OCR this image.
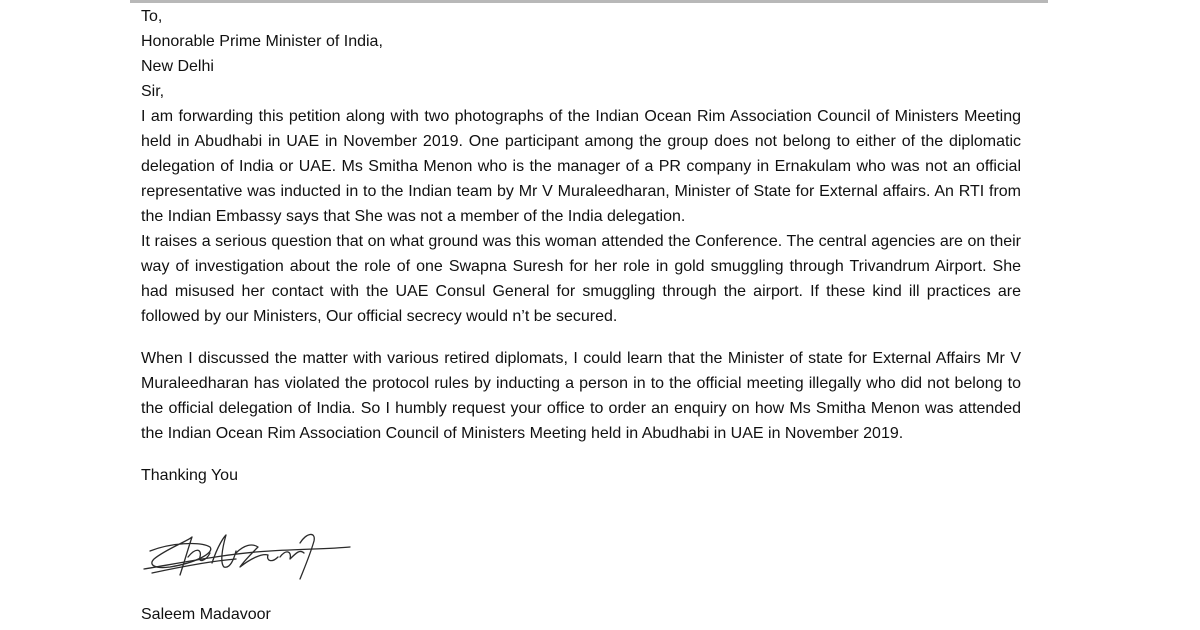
To,
Honorable Prime Minister of India,
New Delhi
Sir,

I am forwarding this petition along with two photographs of the Indian Ocean Rim Association Council of Ministers Meeting held in Abudhabi in UAE in November 2019. One participant among the group does not belong to either of the diplomatic delegation of India or UAE. Ms Smitha Menon who is the manager of a PR company in Ernakulam who was not an official representative was inducted in to the Indian team by Mr V Muraleedharan, Minister of State for External affairs. An RTI from the Indian Embassy says that She was not a member of the India delegation.

It raises a serious question that on what ground was this woman attended the Conference. The central agencies are on their way of investigation about the role of one Swapna Suresh for her role in gold smuggling through Trivandrum Airport. She had misused her contact with the UAE Consul General for smuggling through the airport. If these kind ill practices are followed by our Ministers, Our official secrecy would n’t be secured.

When I discussed the matter with various retired diplomats, I could learn that the Minister of state for External Affairs Mr V Muraleedharan has violated the protocol rules by inducting a person in to the official meeting illegally who did not belong to the official delegation of India. So I humbly request your office to order an enquiry on how Ms Smitha Menon was attended the Indian Ocean Rim Association Council of Ministers Meeting held in Abudhabi in UAE in November 2019.

Thanking You
Saleem Madavoor
